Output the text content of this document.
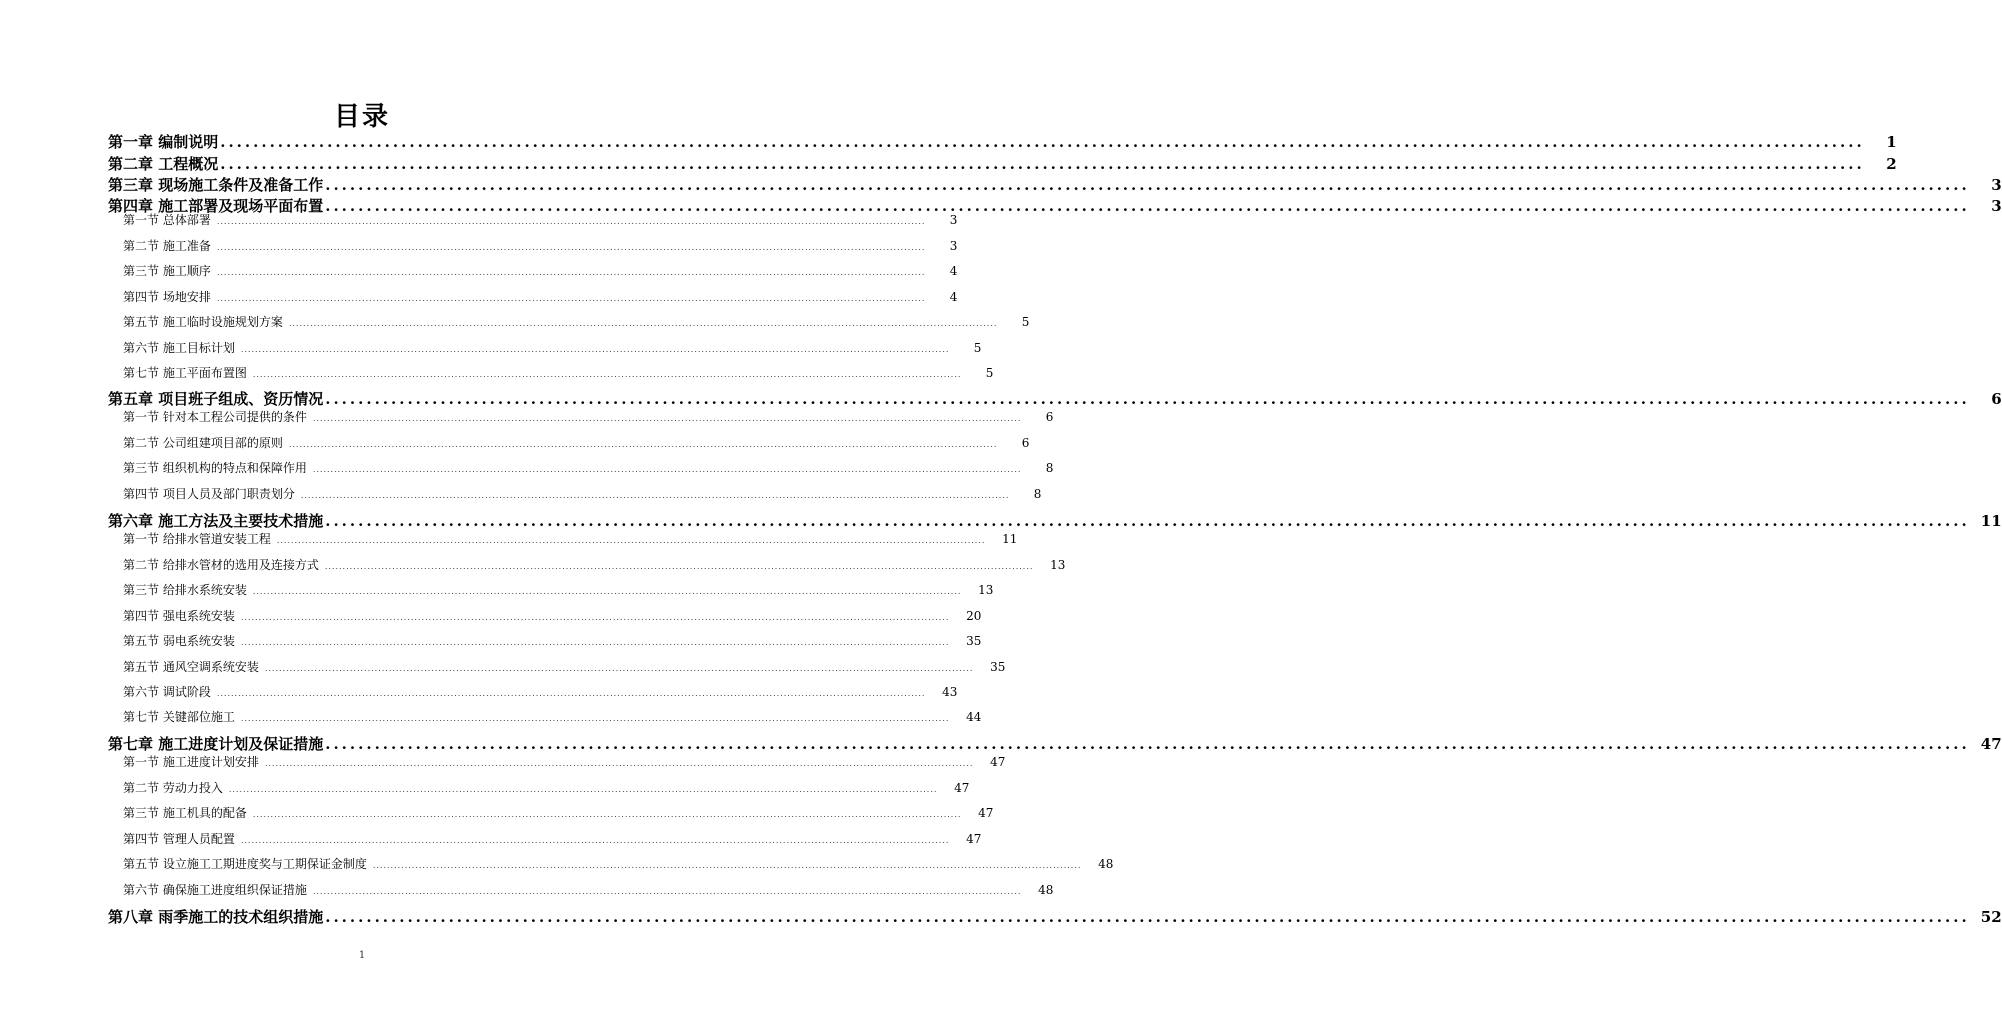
目录
第一章 编制说明 ........................................................................................................................................................................................................	1
第二章 工程概况 ........................................................................................................................................................................................................	2
第三章 现场施工条件及准备工作 ........................................................................................................................................................................................................	3
第四章 施工部署及现场平面布置 ........................................................................................................................................................................................................	3
第一节 总体部署 ........................................................................................................................................................................................................	3
第二节 施工准备 ........................................................................................................................................................................................................	3
第三节 施工顺序 ........................................................................................................................................................................................................	4
第四节 场地安排 ........................................................................................................................................................................................................	4
第五节 施工临时设施规划方案 ........................................................................................................................................................................................................	5
第六节 施工目标计划 ........................................................................................................................................................................................................	5
第七节 施工平面布置图 ........................................................................................................................................................................................................	5
第五章 项目班子组成、资历情况 ........................................................................................................................................................................................................	6
第一节 针对本工程公司提供的条件 ........................................................................................................................................................................................................	6
第二节 公司组建项目部的原则 ........................................................................................................................................................................................................	6
第三节 组织机构的特点和保障作用 ........................................................................................................................................................................................................	8
第四节 项目人员及部门职责划分 ........................................................................................................................................................................................................	8
第六章 施工方法及主要技术措施 ........................................................................................................................................................................................................ 11
第一节 给排水管道安装工程 ........................................................................................................................................................................................................ 11
第二节 给排水管材的选用及连接方式 ........................................................................................................................................................................................................ 13
第三节 给排水系统安装 ........................................................................................................................................................................................................ 13
第四节 强电系统安装 ........................................................................................................................................................................................................ 20
第五节 弱电系统安装 ........................................................................................................................................................................................................ 35
第五节 通风空调系统安装 ........................................................................................................................................................................................................ 35
第六节 调试阶段 ........................................................................................................................................................................................................ 43
第七节 关键部位施工 ........................................................................................................................................................................................................ 44
第七章 施工进度计划及保证措施 ........................................................................................................................................................................................................ 47
第一节 施工进度计划安排 ........................................................................................................................................................................................................ 47
第二节 劳动力投入 ........................................................................................................................................................................................................ 47
第三节 施工机具的配备 ........................................................................................................................................................................................................ 47
第四节 管理人员配置 ........................................................................................................................................................................................................ 47
第五节 设立施工工期进度奖与工期保证金制度 ........................................................................................................................................................................................................ 48
第六节 确保施工进度组织保证措施 ........................................................................................................................................................................................................ 48
第八章 雨季施工的技术组织措施 ........................................................................................................................................................................................................ 52
1
